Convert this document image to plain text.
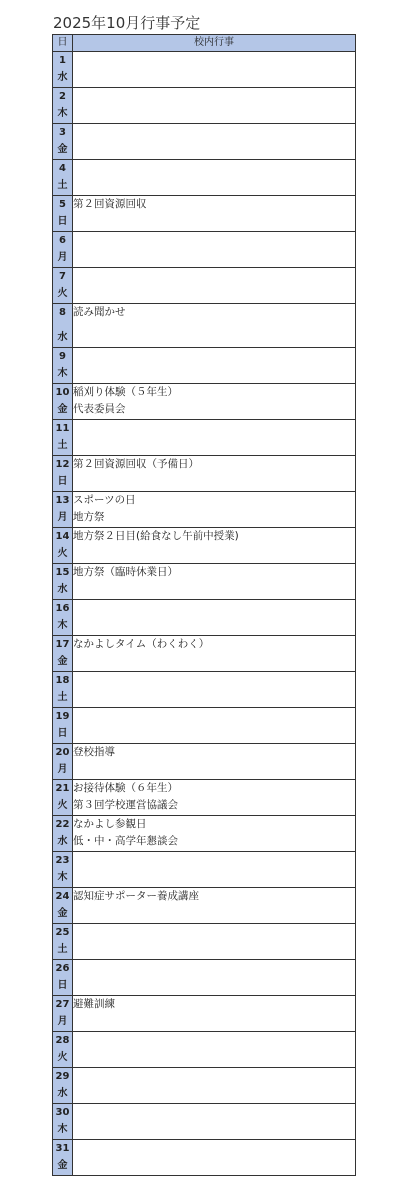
2025年10月行事予定
日	校内行事

1
水	

2
木	

3
金	

4
土	

5
日	第２回資源回収

6
月	

7
火	

8
水	読み聞かせ

9
木	

10
金	稲刈り体験（５年生）
代表委員会

11
土	

12
日	第２回資源回収（予備日）

13
月	スポーツの日
地方祭

14
火	地方祭２日目(給食なし午前中授業)

15
水	地方祭（臨時休業日）

16
木	

17
金	なかよしタイム（わくわく）

18
土	

19
日	

20
月	登校指導

21
火	お接待体験（６年生）
第３回学校運営協議会

22
水	なかよし参観日
低・中・高学年懇談会

23
木	

24
金	認知症サポーター養成講座

25
土	

26
日	

27
月	避難訓練

28
火	

29
水	

30
木	

31
金	
